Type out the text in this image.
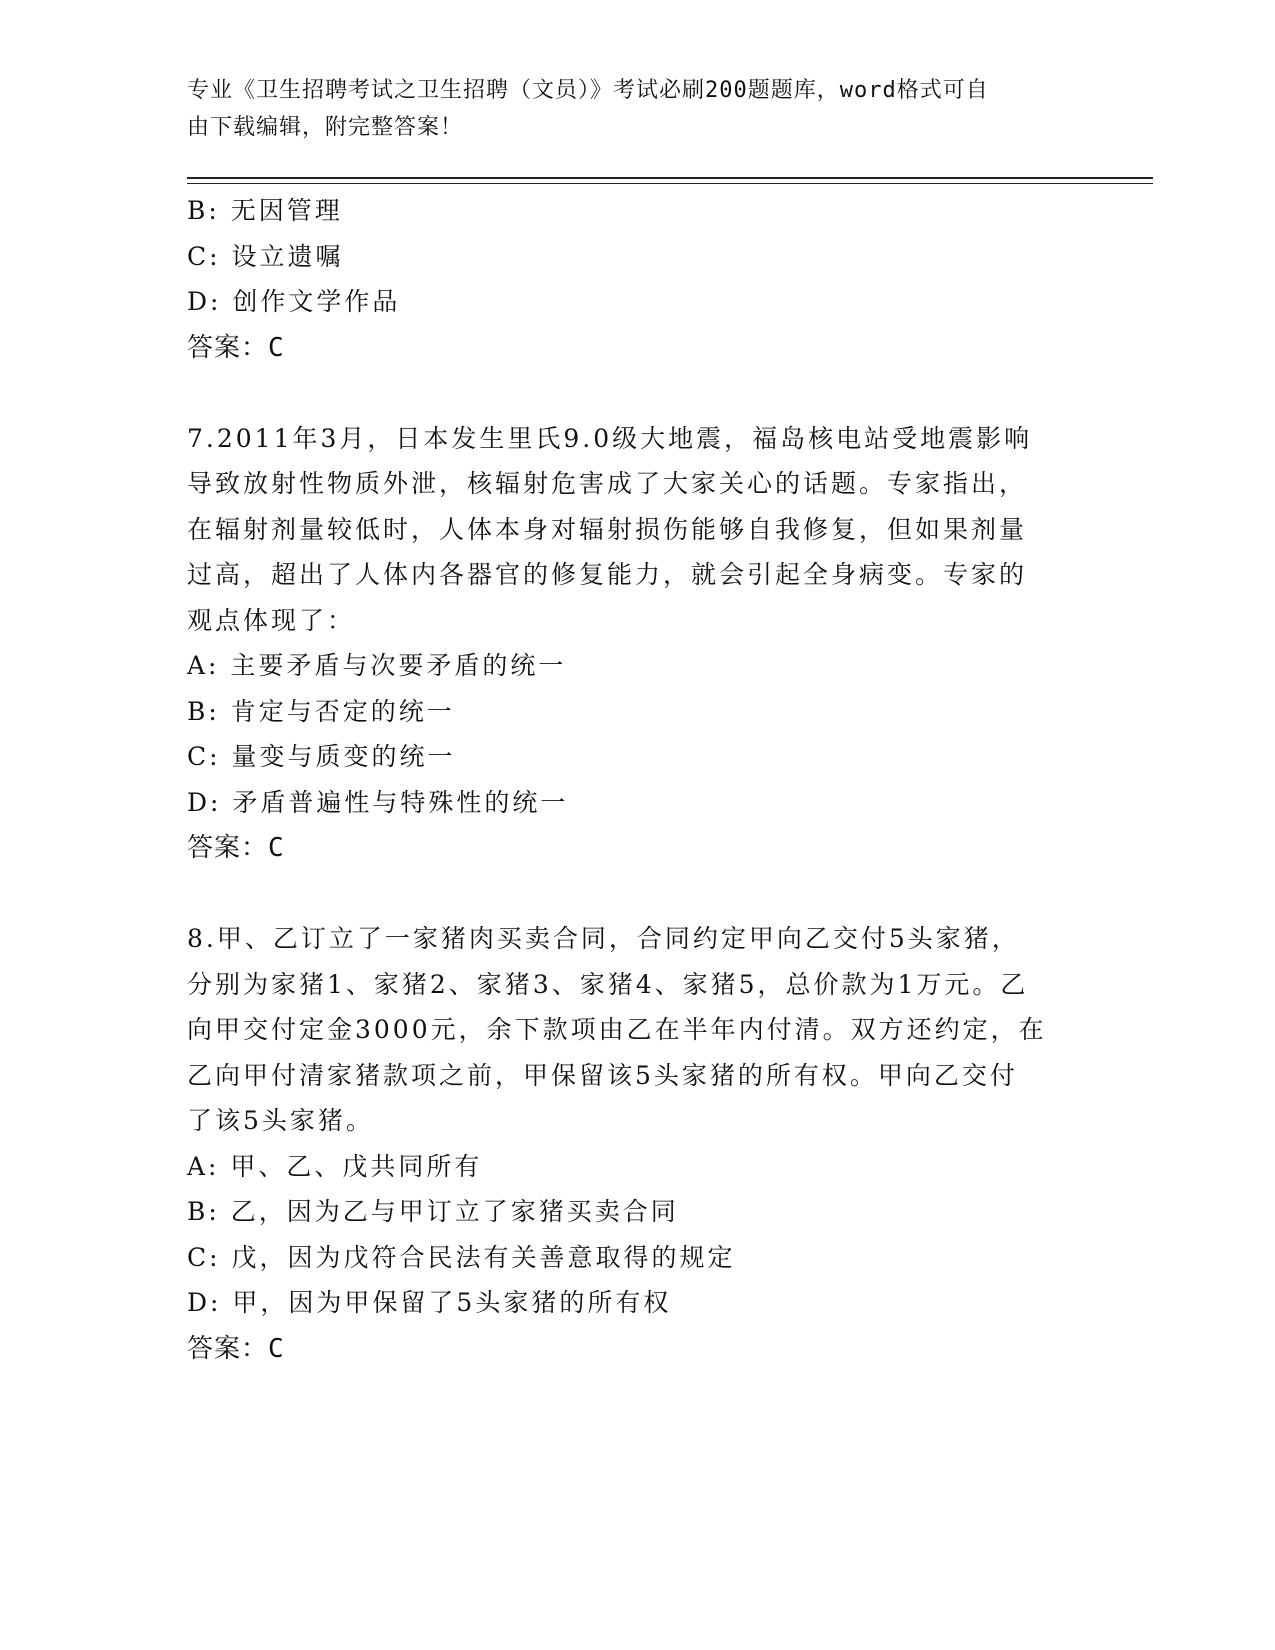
专业《卫生招聘考试之卫生招聘（文员）》考试必刷200题题库，word格式可自
由下载编辑，附完整答案！
B: 无因管理
C: 设立遗嘱
D: 创作文学作品
答案：C
7.2011年3月，日本发生里氏9.0级大地震，福岛核电站受地震影响
导致放射性物质外泄，核辐射危害成了大家关心的话题。专家指出，
在辐射剂量较低时，人体本身对辐射损伤能够自我修复，但如果剂量
过高，超出了人体内各器官的修复能力，就会引起全身病变。专家的
观点体现了：
A: 主要矛盾与次要矛盾的统一
B: 肯定与否定的统一
C: 量变与质变的统一
D: 矛盾普遍性与特殊性的统一
答案：C
8.甲、乙订立了一家猪肉买卖合同，合同约定甲向乙交付5头家猪，
分别为家猪1、家猪2、家猪3、家猪4、家猪5，总价款为1万元。乙
向甲交付定金3000元，余下款项由乙在半年内付清。双方还约定，在
乙向甲付清家猪款项之前，甲保留该5头家猪的所有权。甲向乙交付
了该5头家猪。
A: 甲、乙、戊共同所有
B: 乙，因为乙与甲订立了家猪买卖合同
C: 戊，因为戊符合民法有关善意取得的规定
D: 甲，因为甲保留了5头家猪的所有权
答案：C
